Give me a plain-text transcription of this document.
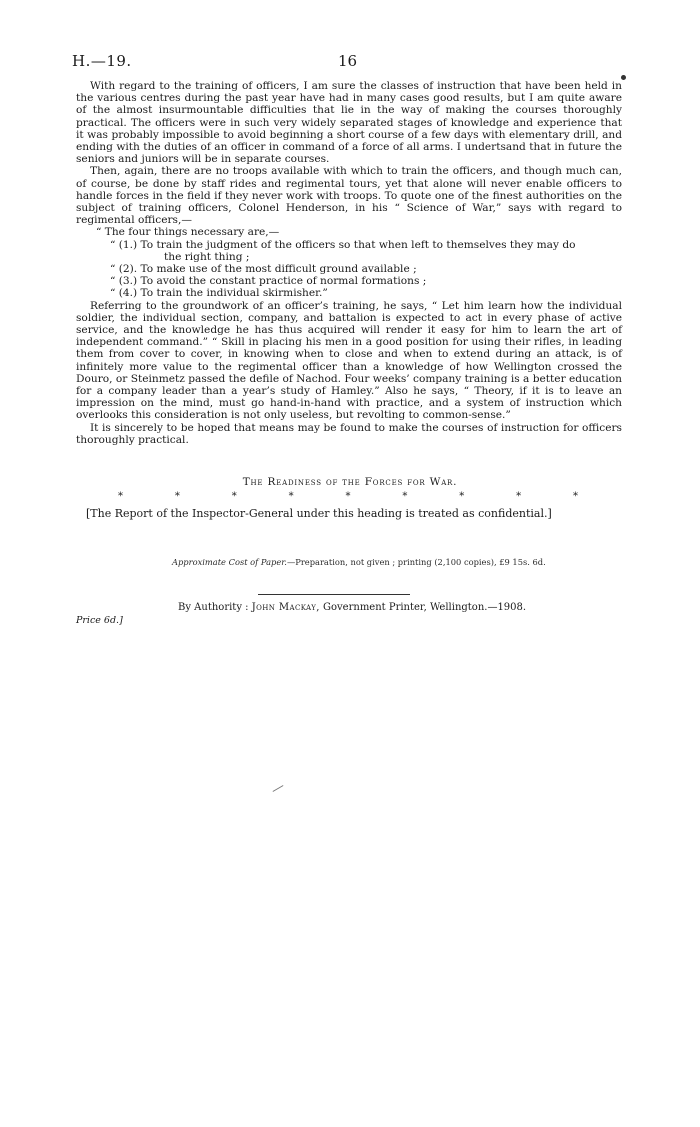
H.—19.	16

With regard to the training of officers, I am sure the classes of instruction that have been held in the various centres during the past year have had in many cases good results, but I am quite aware of the almost insurmountable difficulties that lie in the way of making the courses thoroughly practical. The officers were in such very widely separated stages of knowledge and experience that it was probably impossible to avoid beginning a short course of a few days with elementary drill, and ending with the duties of an officer in command of a force of all arms. I undertsand that in future the seniors and juniors will be in separate courses.

Then, again, there are no troops available with which to train the officers, and though much can, of course, be done by staff rides and regimental tours, yet that alone will never enable officers to handle forces in the field if they never work with troops. To quote one of the finest authorities on the subject of training officers, Colonel Henderson, in his “ Science of War,” says with regard to regimental officers,—

“ The four things necessary are,—

“ (1.) To train the judgment of the officers so that when left to themselves they may do
the right thing ;
“ (2). To make use of the most difficult ground available ;
“ (3.) To avoid the constant practice of normal formations ;
“ (4.) To train the individual skirmisher.”

Referring to the groundwork of an officer’s training, he says, “ Let him learn how the individual soldier, the individual section, company, and battalion is expected to act in every phase of active service, and the knowledge he has thus acquired will render it easy for him to learn the art of independent command.” “ Skill in placing his men in a good position for using their rifles, in leading them from cover to cover, in knowing when to close and when to extend during an attack, is of infinitely more value to the regimental officer than a knowledge of how Wellington crossed the Douro, or Steinmetz passed the defile of Nachod. Four weeks’ company training is a better education for a company leader than a year’s study of Hamley.” Also he says, “ Theory, if it is to leave an impression on the mind, must go hand-in-hand with practice, and a system of instruction which overlooks this consideration is not only useless, but revolting to common-sense.”

It is sincerely to be hoped that means may be found to make the courses of instruction for officers thoroughly practical.

The Readiness of the Forces for War.
*	*	*	*	*	*	*	*	*
[The Report of the Inspector-General under this heading is treated as confidential.]
Approximate Cost of Paper.—Preparation, not given ; printing (2,100 copies), £9 15s. 6d.
By Authority : John Mackay, Government Printer, Wellington.—1908.
Price 6d.]
